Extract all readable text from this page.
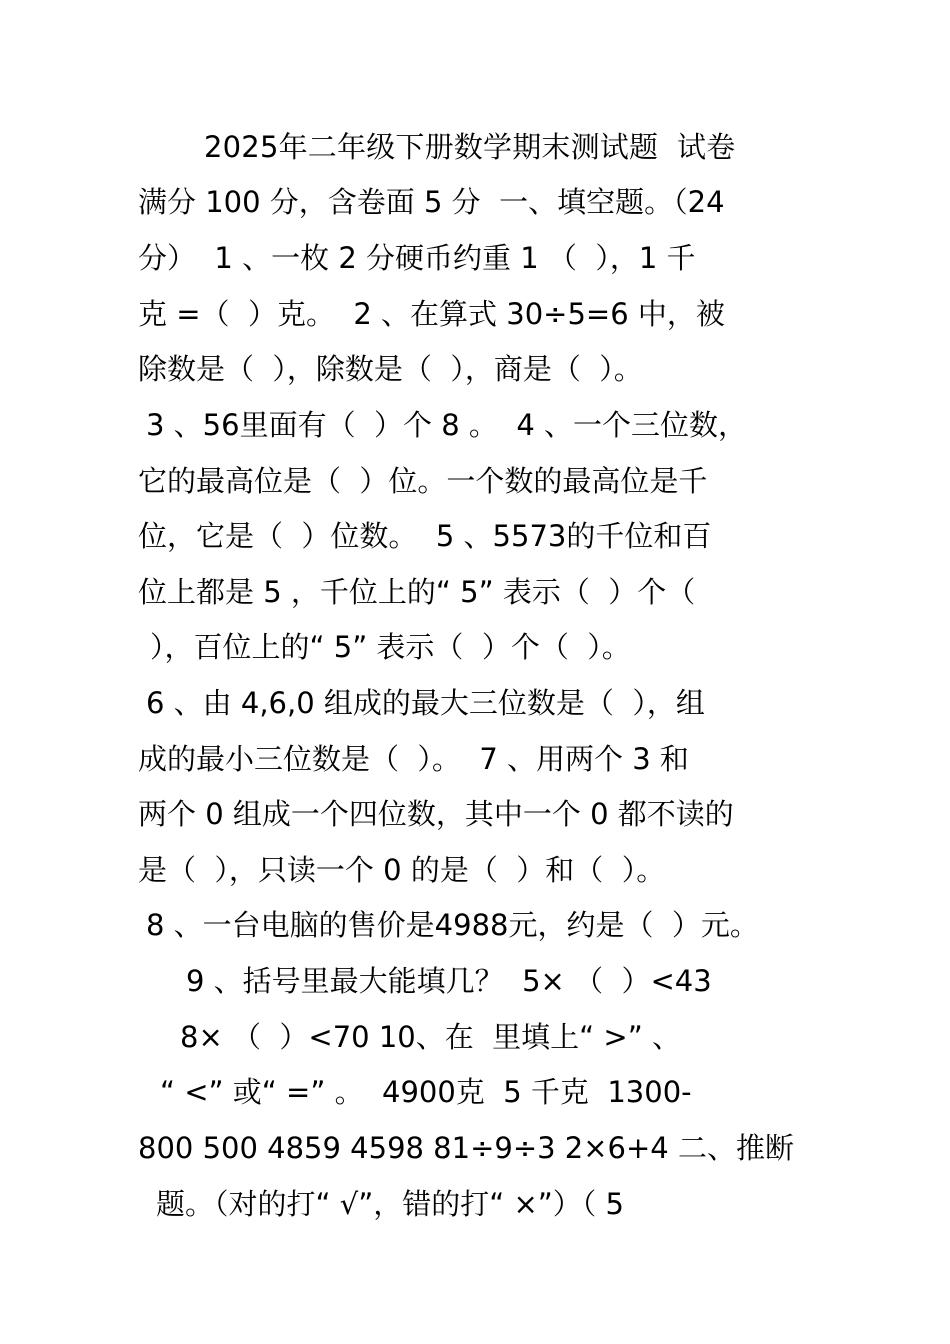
2025年二年级下册数学期末测试题  试卷
满分 100 分，含卷面 5 分  一、填空题。（24
分）  1 、一枚 2 分硬币约重 1 （  ），1 千
克 =（  ）克。  2 、在算式 30÷5=6 中，被
除数是（  ），除数是（  ），商是（  ）。
3 、56里面有（  ）个 8 。  4 、一个三位数，
它的最高位是（  ）位。一个数的最高位是千
位，它是（  ）位数。  5 、5573的千位和百
位上都是 5 ，千位上的“ 5” 表示（  ）个（
），百位上的“ 5” 表示（  ）个（  ）。
6 、由 4,6,0 组成的最大三位数是（  ），组
成的最小三位数是（  ）。  7 、用两个 3 和
两个 0 组成一个四位数，其中一个 0 都不读的
是（  ），只读一个 0 的是（  ）和（  ）。
8 、一台电脑的售价是4988元，约是（  ）元。
9 、括号里最大能填几？  5× （  ）<43
8× （  ）<70 10、在  里填上“ >” 、
“ <” 或“ =” 。  4900克  5 千克  1300-
800 500 4859 4598 81÷9÷3 2×6+4 二、推断
题。（对的打“ √”，错的打“ ×”）（ 5
